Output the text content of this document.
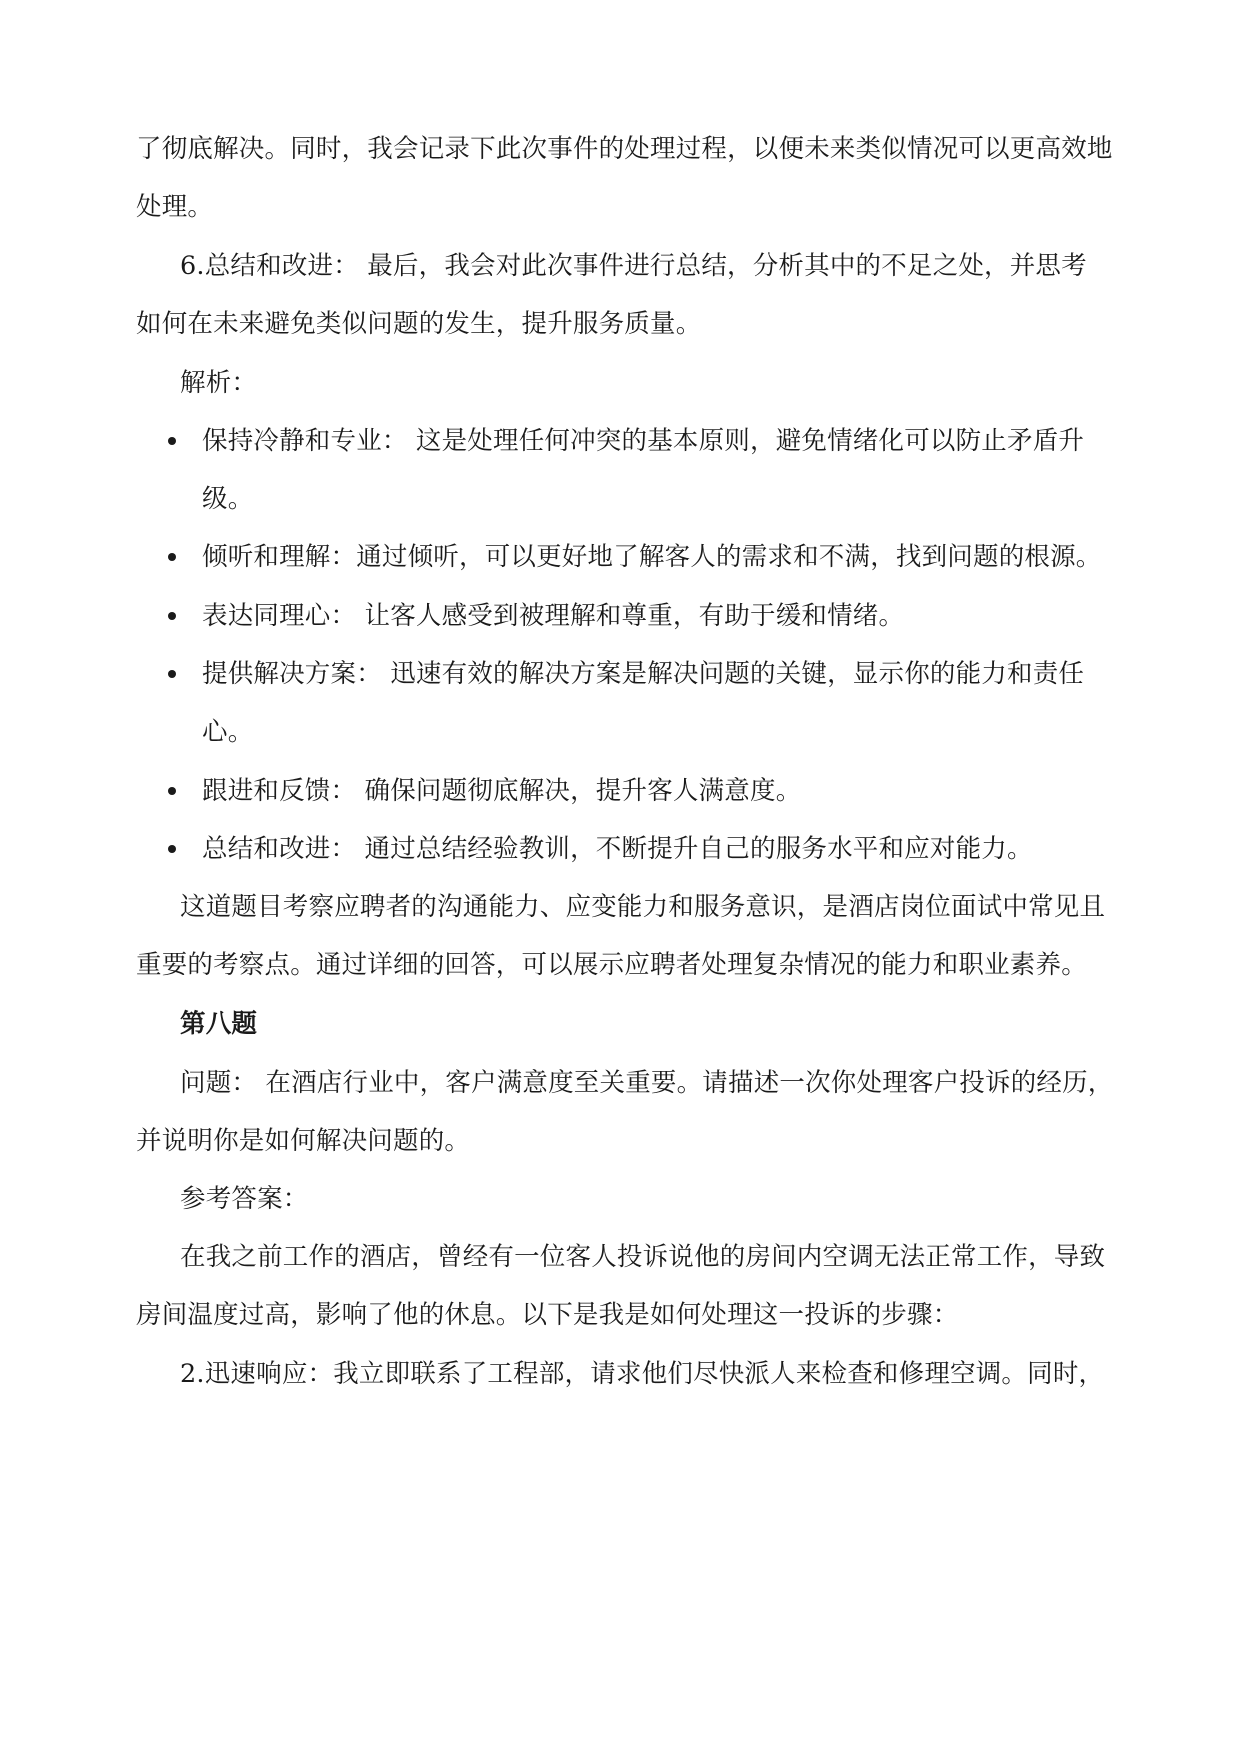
了彻底解决。同时，我会记录下此次事件的处理过程，以便未来类似情况可以更高效地
处理。
6.总结和改进： 最后，我会对此次事件进行总结，分析其中的不足之处，并思考
如何在未来避免类似问题的发生，提升服务质量。
解析：
保持冷静和专业： 这是处理任何冲突的基本原则，避免情绪化可以防止矛盾升
级。
倾听和理解：通过倾听，可以更好地了解客人的需求和不满，找到问题的根源。
表达同理心： 让客人感受到被理解和尊重，有助于缓和情绪。
提供解决方案： 迅速有效的解决方案是解决问题的关键，显示你的能力和责任
心。
跟进和反馈： 确保问题彻底解决，提升客人满意度。
总结和改进： 通过总结经验教训，不断提升自己的服务水平和应对能力。
这道题目考察应聘者的沟通能力、应变能力和服务意识，是酒店岗位面试中常见且
重要的考察点。通过详细的回答，可以展示应聘者处理复杂情况的能力和职业素养。
第八题
问题： 在酒店行业中，客户满意度至关重要。请描述一次你处理客户投诉的经历，
并说明你是如何解决问题的。
参考答案：
在我之前工作的酒店，曾经有一位客人投诉说他的房间内空调无法正常工作，导致
房间温度过高，影响了他的休息。以下是我是如何处理这一投诉的步骤：
2.迅速响应：我立即联系了工程部，请求他们尽快派人来检查和修理空调。同时，
